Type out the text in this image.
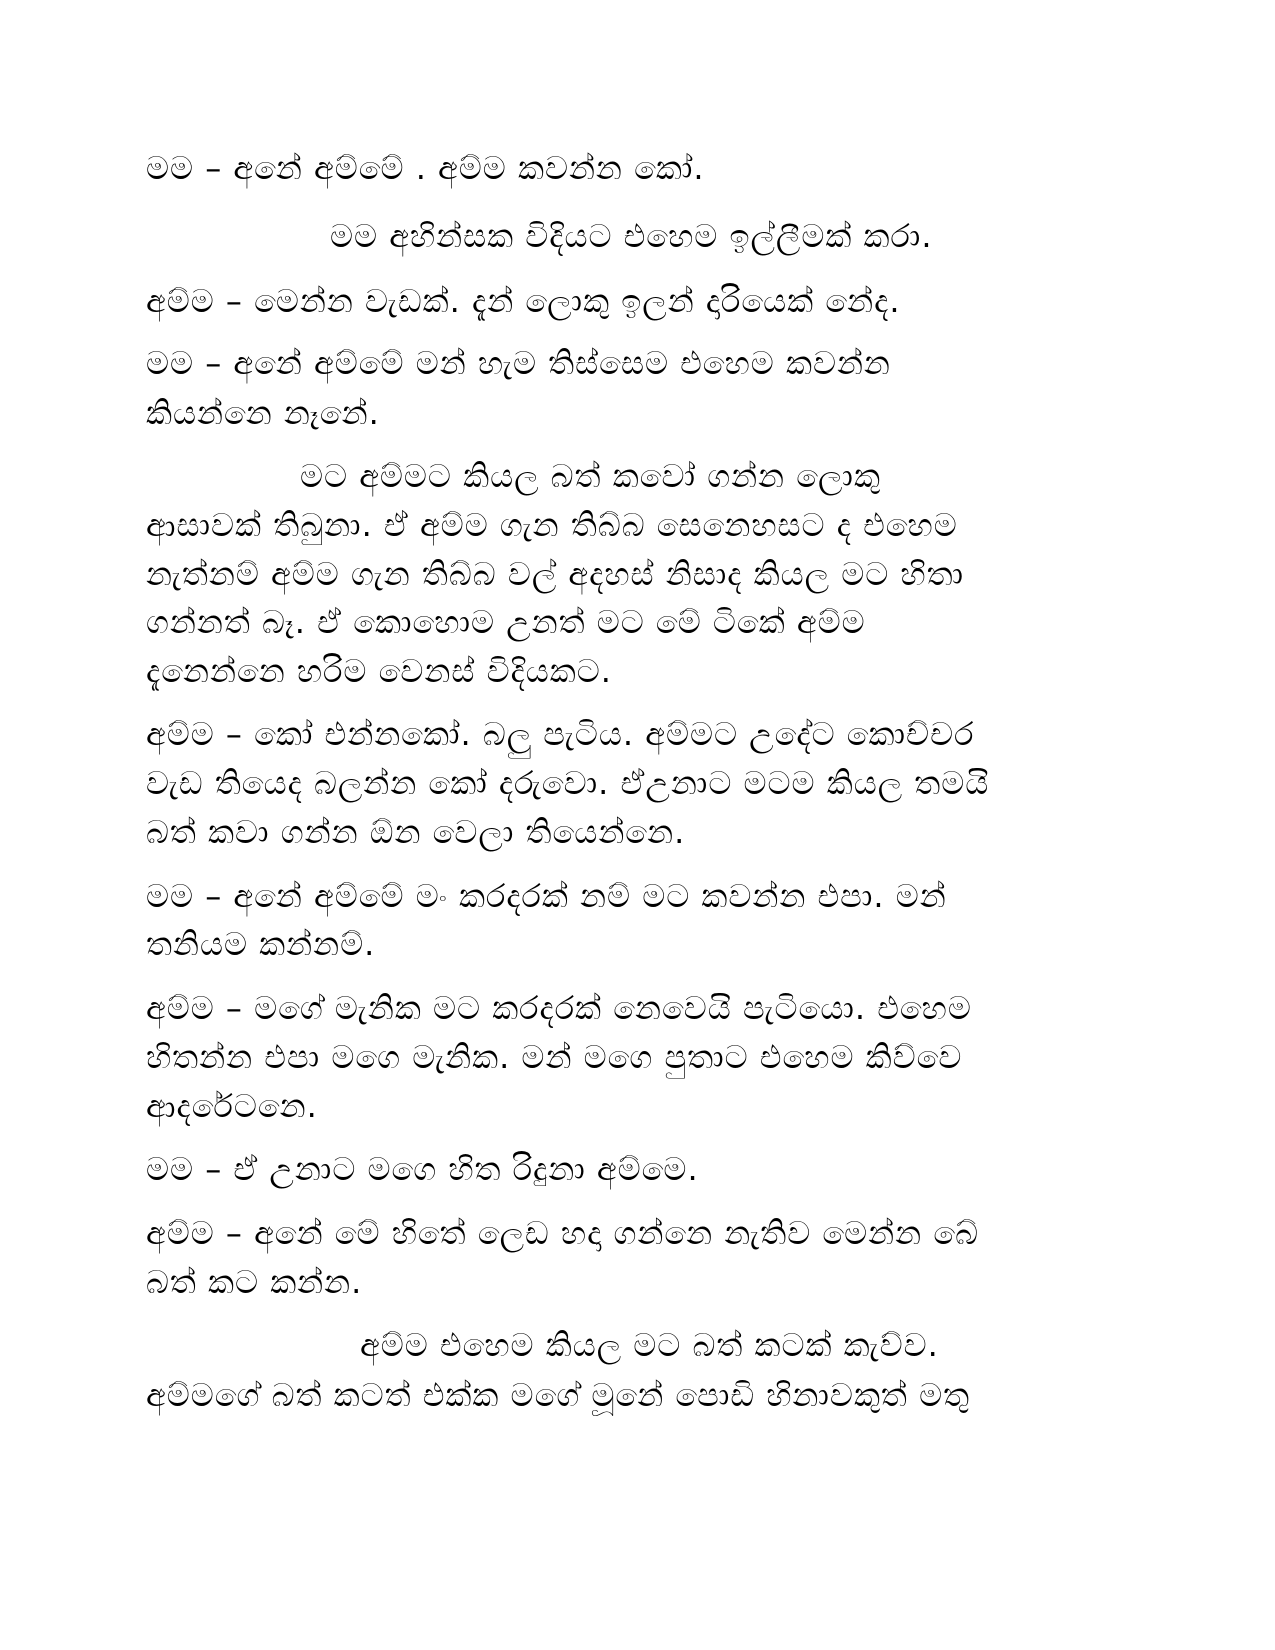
මම – අනේ අම්මේ . අම්ම කවන්න කෝ.

මම අහින්සක විදියට එහෙම ඉල්ලීමක් කරා.

අම්ම – මෙන්න වැඩක්. දැන් ලොකු ඉලන් දාරියෙක් නේද.

මම – අනේ අම්මේ මන් හැම තිස්සෙම එහෙම කවන්න

කියන්නෙ නෑනේ.

මට අම්මට කියල බත් කවෝ ගන්න ලොකු

ආසාවක් තිබුනා. ඒ අම්ම ගැන තිබ්බ සෙනෙහසට ද එහෙම

නැත්නම් අම්ම ගැන තිබ්බ වල් අදහස් නිසාද කියල මට හිතා

ගන්නත් බෑ. ඒ කොහොම උනත් මට මේ ටිකේ අම්ම

දැනෙන්නෙ හරිම වෙනස් විදියකට.

අම්ම – කෝ එන්නකෝ. බලු පැටිය. අම්මට උදේට කොච්චර

වැඩ තියෙද බලන්න කෝ දරුවො. ඒඋනාට මටම කියල තමයි

බත් කවා ගන්න ඕන වෙලා තියෙන්නෙ.

මම – අනේ අම්මේ මං කරදරක් නම් මට කවන්න එපා. මන්

තනියම කන්නම්.

අම්ම – මගේ මැනික මට කරදරක් නෙවෙයි පැටියො. එහෙම

හිතන්න එපා මගෙ මැනික. මන් මගෙ පුතාට එහෙම කිව්වෙ

ආදරේටනෙ.

මම – ඒ උනාට මගෙ හිත රිදුනා අම්මෙ.

අම්ම – අනේ මේ හිතේ ලෙඩ හදා ගන්නෙ නැතිව මෙන්න බේ

බත් කට කන්න.

අම්ම එහෙම කියල මට බත් කටක් කැව්ව.

අම්මගේ බත් කටත් එක්ක මගේ මූනේ පොඩි හිනාවකුත් මතු
